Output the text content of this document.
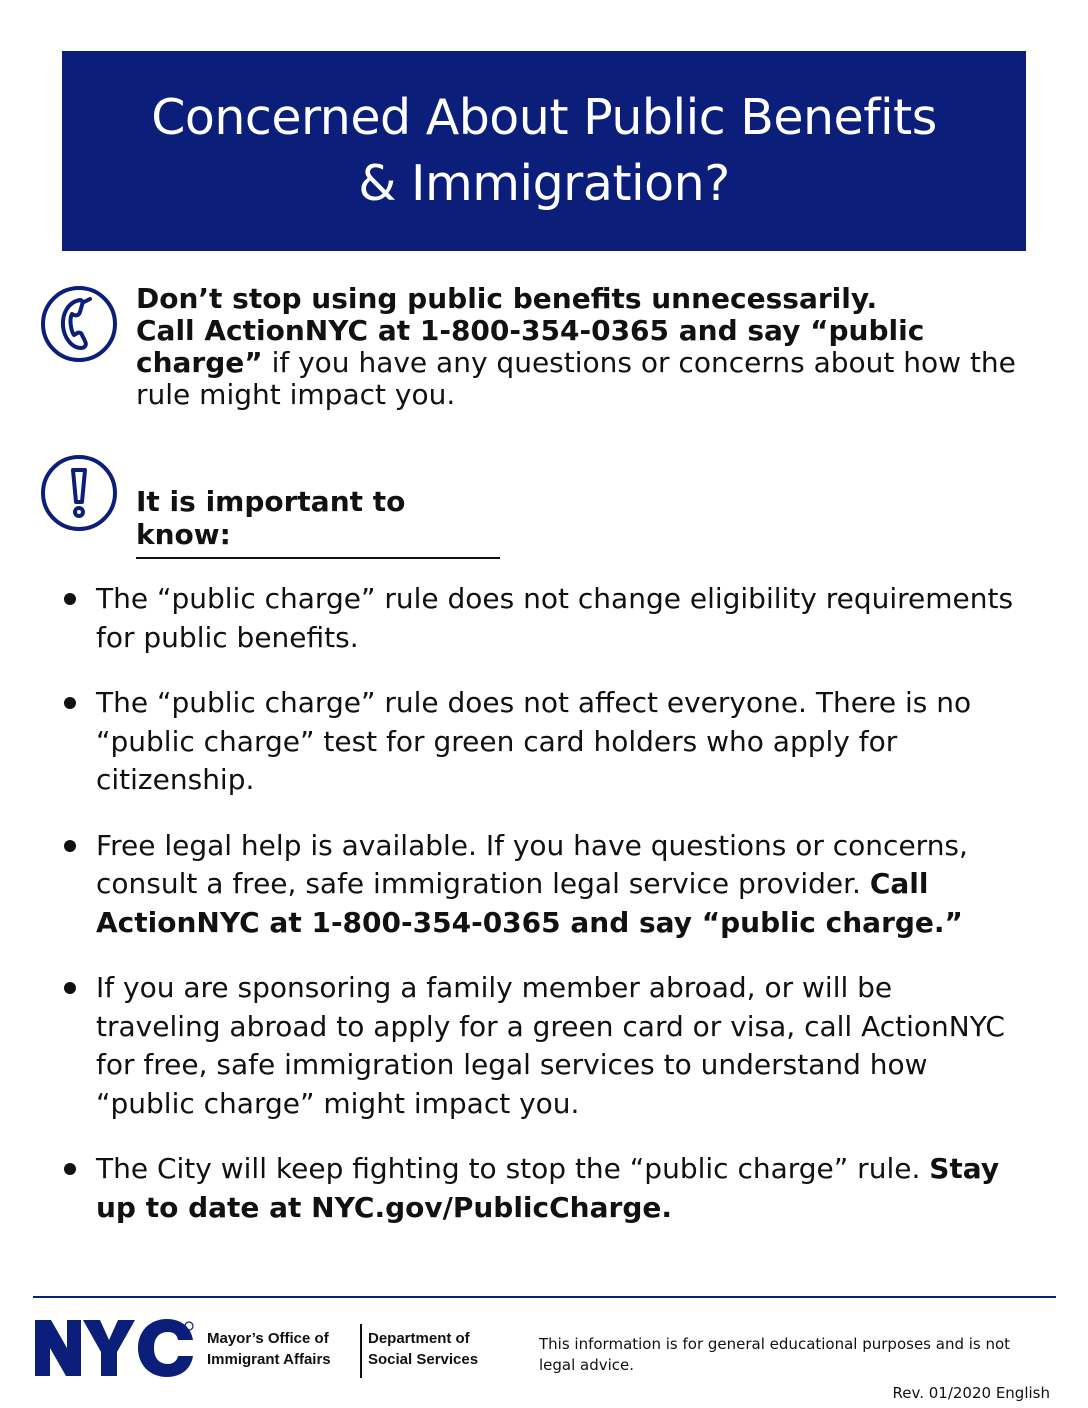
Concerned About Public Benefits
& Immigration?
Don’t stop using public benefits unnecessarily.
Call ActionNYC at 1-800-354-0365 and say “public charge” if you have any questions or concerns about how the rule might impact you.
It is important to know:
The “public charge” rule does not change eligibility requirements for public benefits.
The “public charge” rule does not affect everyone. There is no “public charge” test for green card holders who apply for citizenship.
Free legal help is available. If you have questions or concerns, consult a free, safe immigration legal service provider. Call ActionNYC at 1-800-354-0365 and say “public charge.”
If you are sponsoring a family member abroad, or will be traveling abroad to apply for a green card or visa, call ActionNYC for free, safe immigration legal services to understand how “public charge” might impact you.
The City will keep fighting to stop the “public charge” rule. Stay up to date at NYC.gov/PublicCharge.
Mayor’s Office of
Immigrant Affairs
Department of
Social Services
This information is for general educational purposes and is not legal advice.
Rev. 01/2020 English
